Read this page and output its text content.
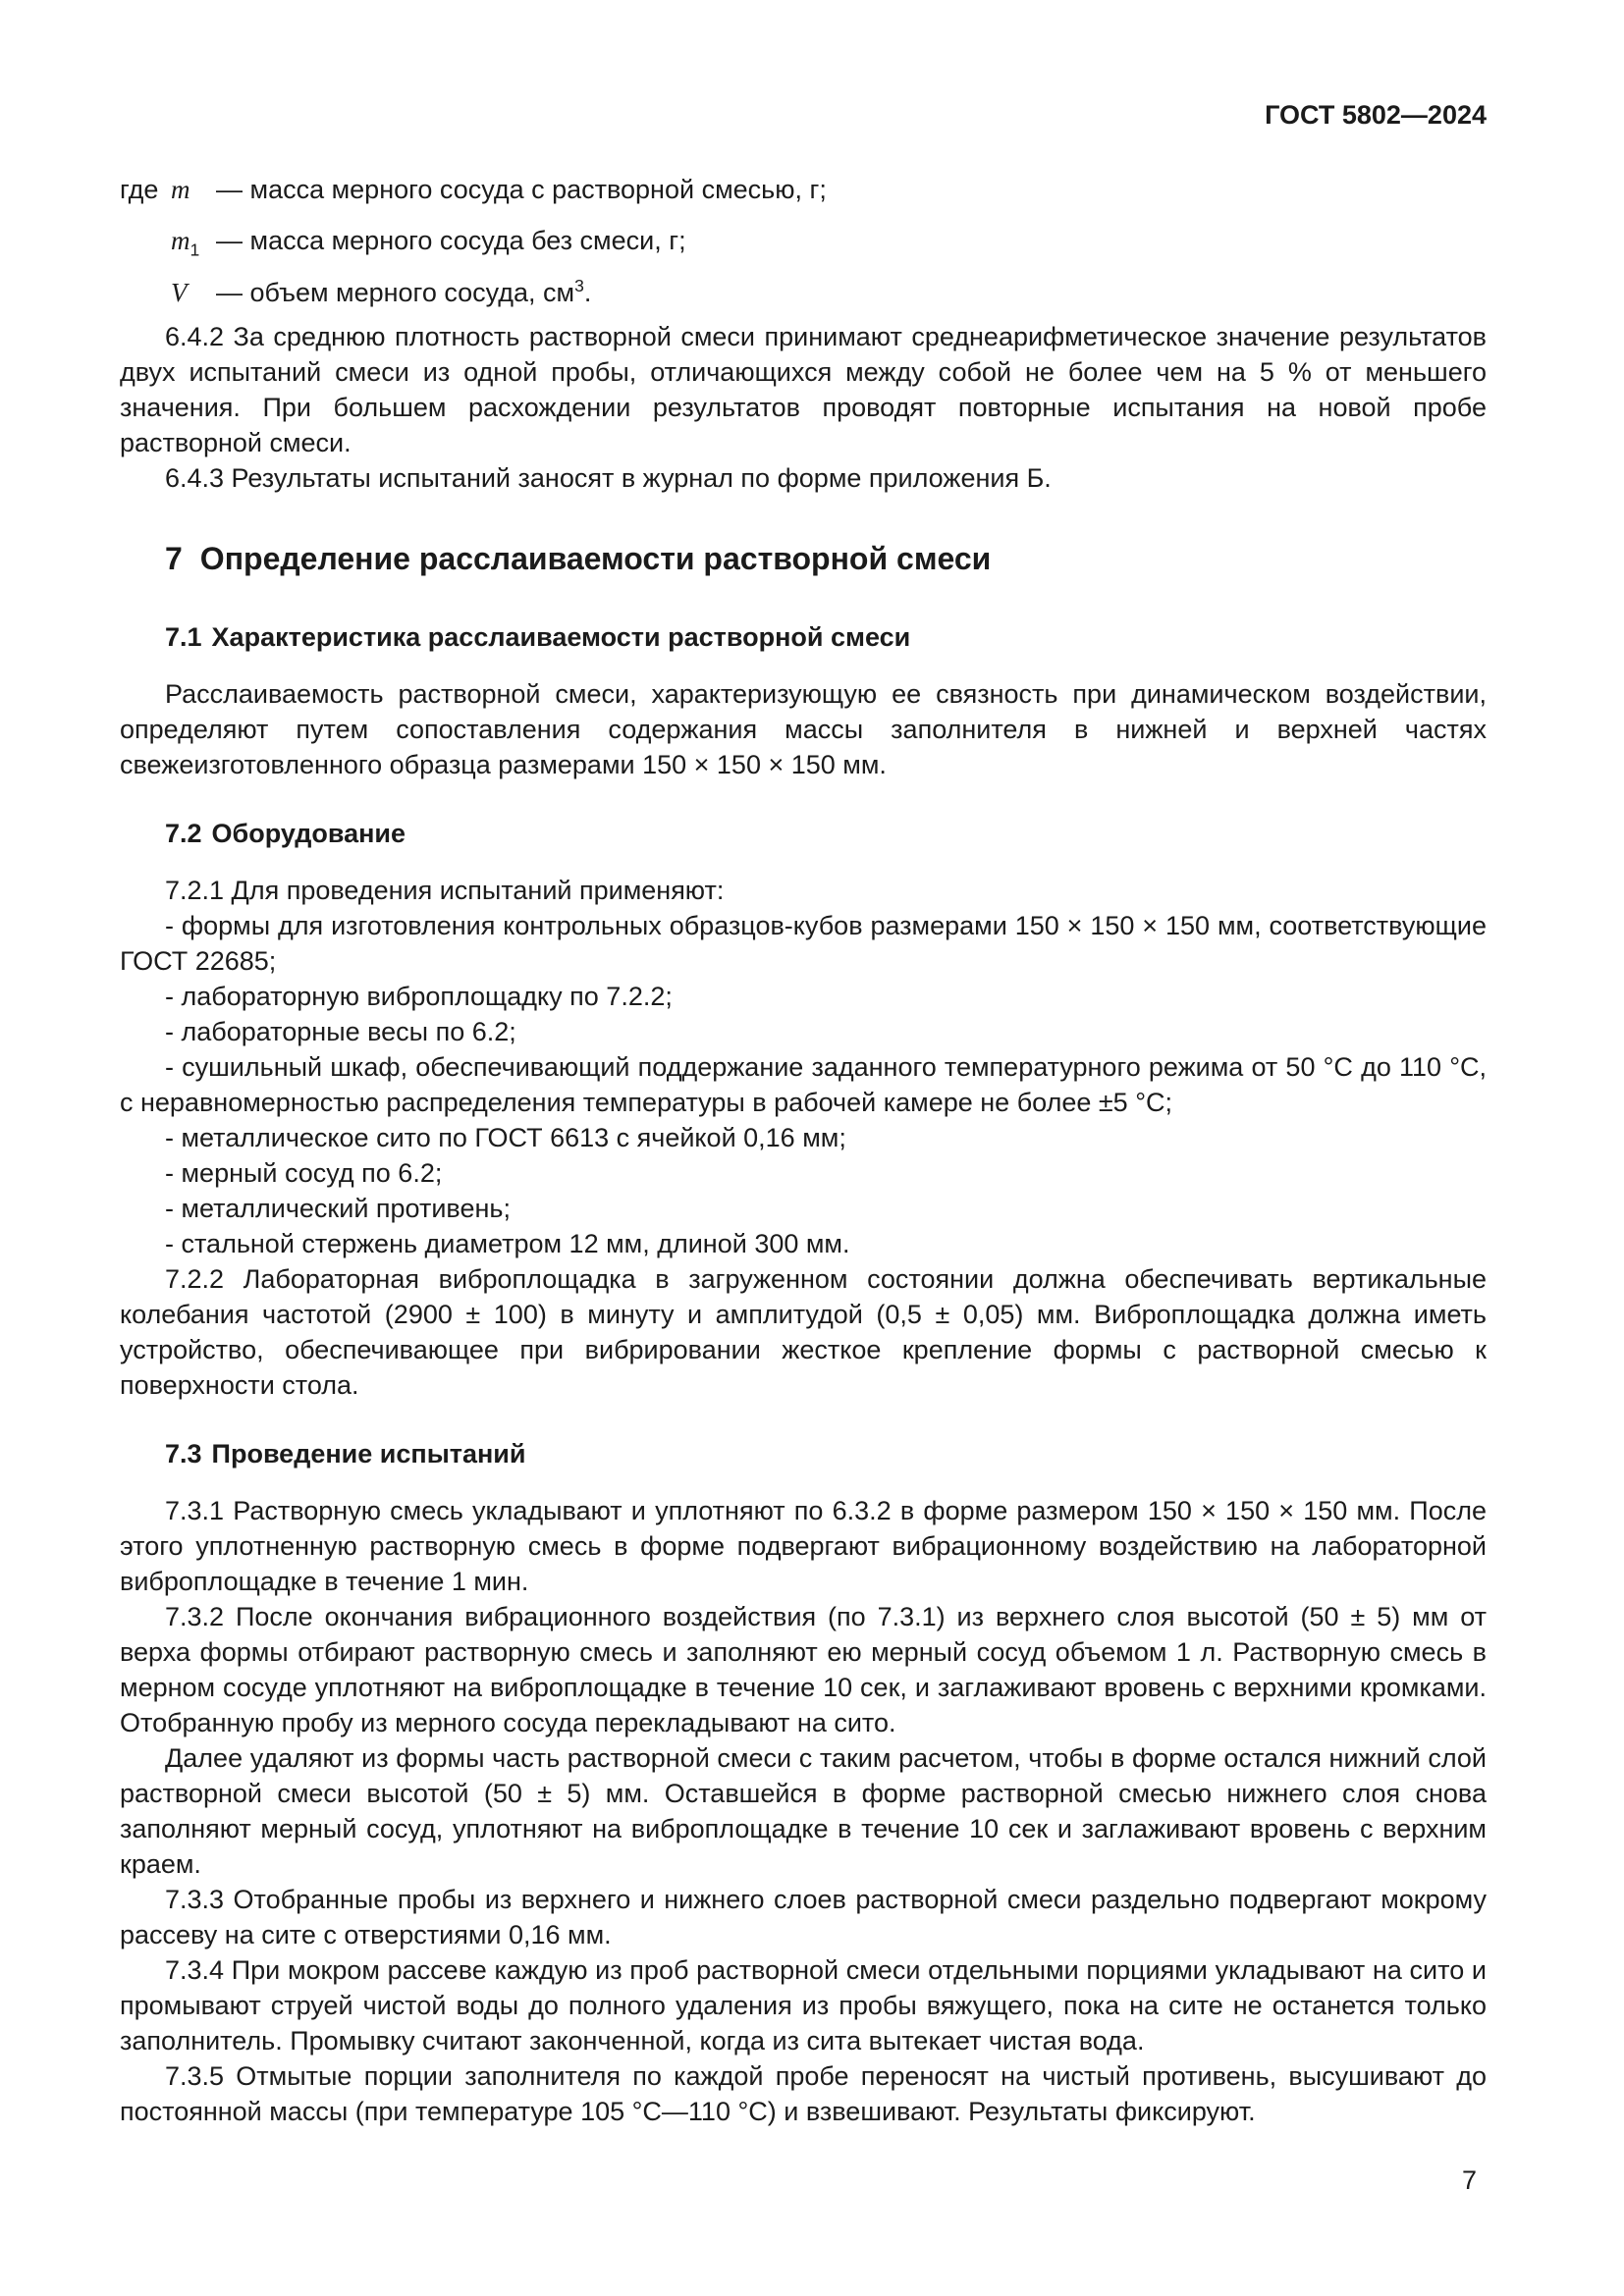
ГОСТ 5802—2024
где m — масса мерного сосуда с растворной смесью, г;
$m_1$ — масса мерного сосуда без смеси, г;
V	— объем мерного сосуда, $см^3$.

6.4.2 За среднюю плотность растворной смеси принимают среднеарифметическое значение результатов двух испытаний смеси из одной пробы, отличающихся между собой не более чем на 5 % от меньшего значения. При большем расхождении результатов проводят повторные испытания на новой пробе растворной смеси.

6.4.3 Результаты испытаний заносят в журнал по форме приложения Б.

7 Определение расслаиваемости растворной смеси
7.1 Характеристика расслаиваемости растворной смеси

Расслаиваемость растворной смеси, характеризующую ее связность при динамическом воздействии, определяют путем сопоставления содержания массы заполнителя в нижней и верхней частях свежеизготовленного образца размерами 150 × 150 × 150 мм.

7.2 Оборудование

7.2.1 Для проведения испытаний применяют:

- формы для изготовления контрольных образцов-кубов размерами 150 × 150 × 150 мм, соответствующие ГОСТ 22685;

- лабораторную виброплощадку по 7.2.2;

- лабораторные весы по 6.2;

- сушильный шкаф, обеспечивающий поддержание заданного температурного режима от 50 °С до 110 °С, с неравномерностью распределения температуры в рабочей камере не более ±5 °С;

- металлическое сито по ГОСТ 6613 с ячейкой 0,16 мм;

- мерный сосуд по 6.2;

- металлический противень;

- стальной стержень диаметром 12 мм, длиной 300 мм.

7.2.2 Лабораторная виброплощадка в загруженном состоянии должна обеспечивать вертикальные колебания частотой (2900 ± 100) в минуту и амплитудой (0,5 ± 0,05) мм. Виброплощадка должна иметь устройство, обеспечивающее при вибрировании жесткое крепление формы с растворной смесью к поверхности стола.

7.3 Проведение испытаний

7.3.1 Растворную смесь укладывают и уплотняют по 6.3.2 в форме размером 150 × 150 × 150 мм. После этого уплотненную растворную смесь в форме подвергают вибрационному воздействию на лабораторной виброплощадке в течение 1 мин.

7.3.2 После окончания вибрационного воздействия (по 7.3.1) из верхнего слоя высотой (50 ± 5) мм от верха формы отбирают растворную смесь и заполняют ею мерный сосуд объемом 1 л. Растворную смесь в мерном сосуде уплотняют на виброплощадке в течение 10 сек, и заглаживают вровень с верхними кромками. Отобранную пробу из мерного сосуда перекладывают на сито.

Далее удаляют из формы часть растворной смеси с таким расчетом, чтобы в форме остался нижний слой растворной смеси высотой (50 ± 5) мм. Оставшейся в форме растворной смесью нижнего слоя снова заполняют мерный сосуд, уплотняют на виброплощадке в течение 10 сек и заглаживают вровень с верхним краем.

7.3.3 Отобранные пробы из верхнего и нижнего слоев растворной смеси раздельно подвергают мокрому рассеву на сите с отверстиями 0,16 мм.

7.3.4 При мокром рассеве каждую из проб растворной смеси отдельными порциями укладывают на сито и промывают струей чистой воды до полного удаления из пробы вяжущего, пока на сите не останется только заполнитель. Промывку считают законченной, когда из сита вытекает чистая вода.

7.3.5 Отмытые порции заполнителя по каждой пробе переносят на чистый противень, высушивают до постоянной массы (при температуре 105 °С—110 °С) и взвешивают. Результаты фиксируют.

7
